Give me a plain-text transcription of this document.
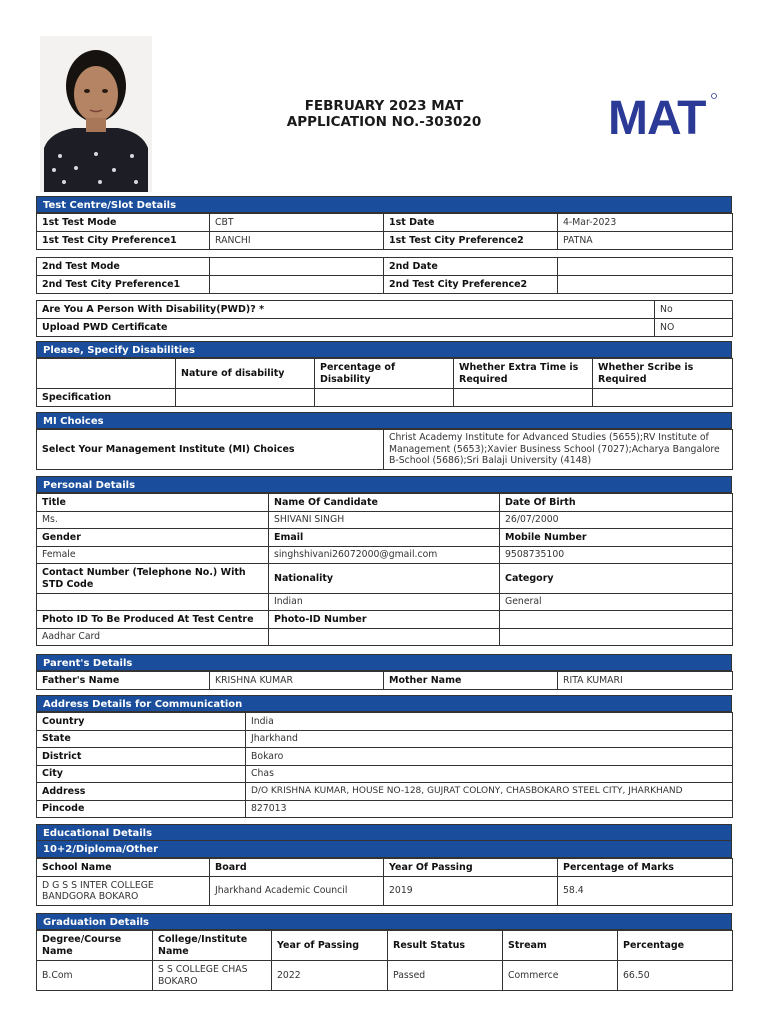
FEBRUARY 2023 MAT
APPLICATION NO.-303020	MAT
Test Centre/Slot Details
1st Test Mode	CBT	1st Date	4-Mar-2023
1st Test City Preference1	RANCHI	1st Test City Preference2	PATNA
2nd Test Mode		2nd Date	
2nd Test City Preference1		2nd Test City Preference2	
Are You A Person With Disability(PWD)? *	No
Upload PWD Certificate	NO
Please, Specify Disabilities
	Nature of disability	Percentage of Disability	Whether Extra Time is Required	Whether Scribe is Required
Specification				
MI Choices
Select Your Management Institute (MI) Choices	Christ Academy Institute for Advanced Studies (5655);RV Institute of Management (5653);Xavier Business School (7027);Acharya Bangalore B-School (5686);Sri Balaji University (4148)
Personal Details
Title	Name Of Candidate	Date Of Birth
Ms.	SHIVANI SINGH	26/07/2000
Gender	Email	Mobile Number
Female	singhshivani26072000@gmail.com	9508735100
Contact Number (Telephone No.) With STD Code	Nationality	Category
	Indian	General
Photo ID To Be Produced At Test Centre	Photo-ID Number	
Aadhar Card		
Parent's Details
Father's Name	KRISHNA KUMAR	Mother Name	RITA KUMARI
Address Details for Communication
Country	India
State	Jharkhand
District	Bokaro
City	Chas
Address	D/O KRISHNA KUMAR, HOUSE NO-128, GUJRAT COLONY, CHASBOKARO STEEL CITY, JHARKHAND
Pincode	827013
Educational Details
10+2/Diploma/Other
School Name	Board	Year Of Passing	Percentage of Marks
D G S S INTER COLLEGE BANDGORA BOKARO	Jharkhand Academic Council	2019	58.4
Graduation Details
Degree/Course Name	College/Institute Name	Year of Passing	Result Status	Stream	Percentage
B.Com	S S COLLEGE CHAS BOKARO	2022	Passed	Commerce	66.50
